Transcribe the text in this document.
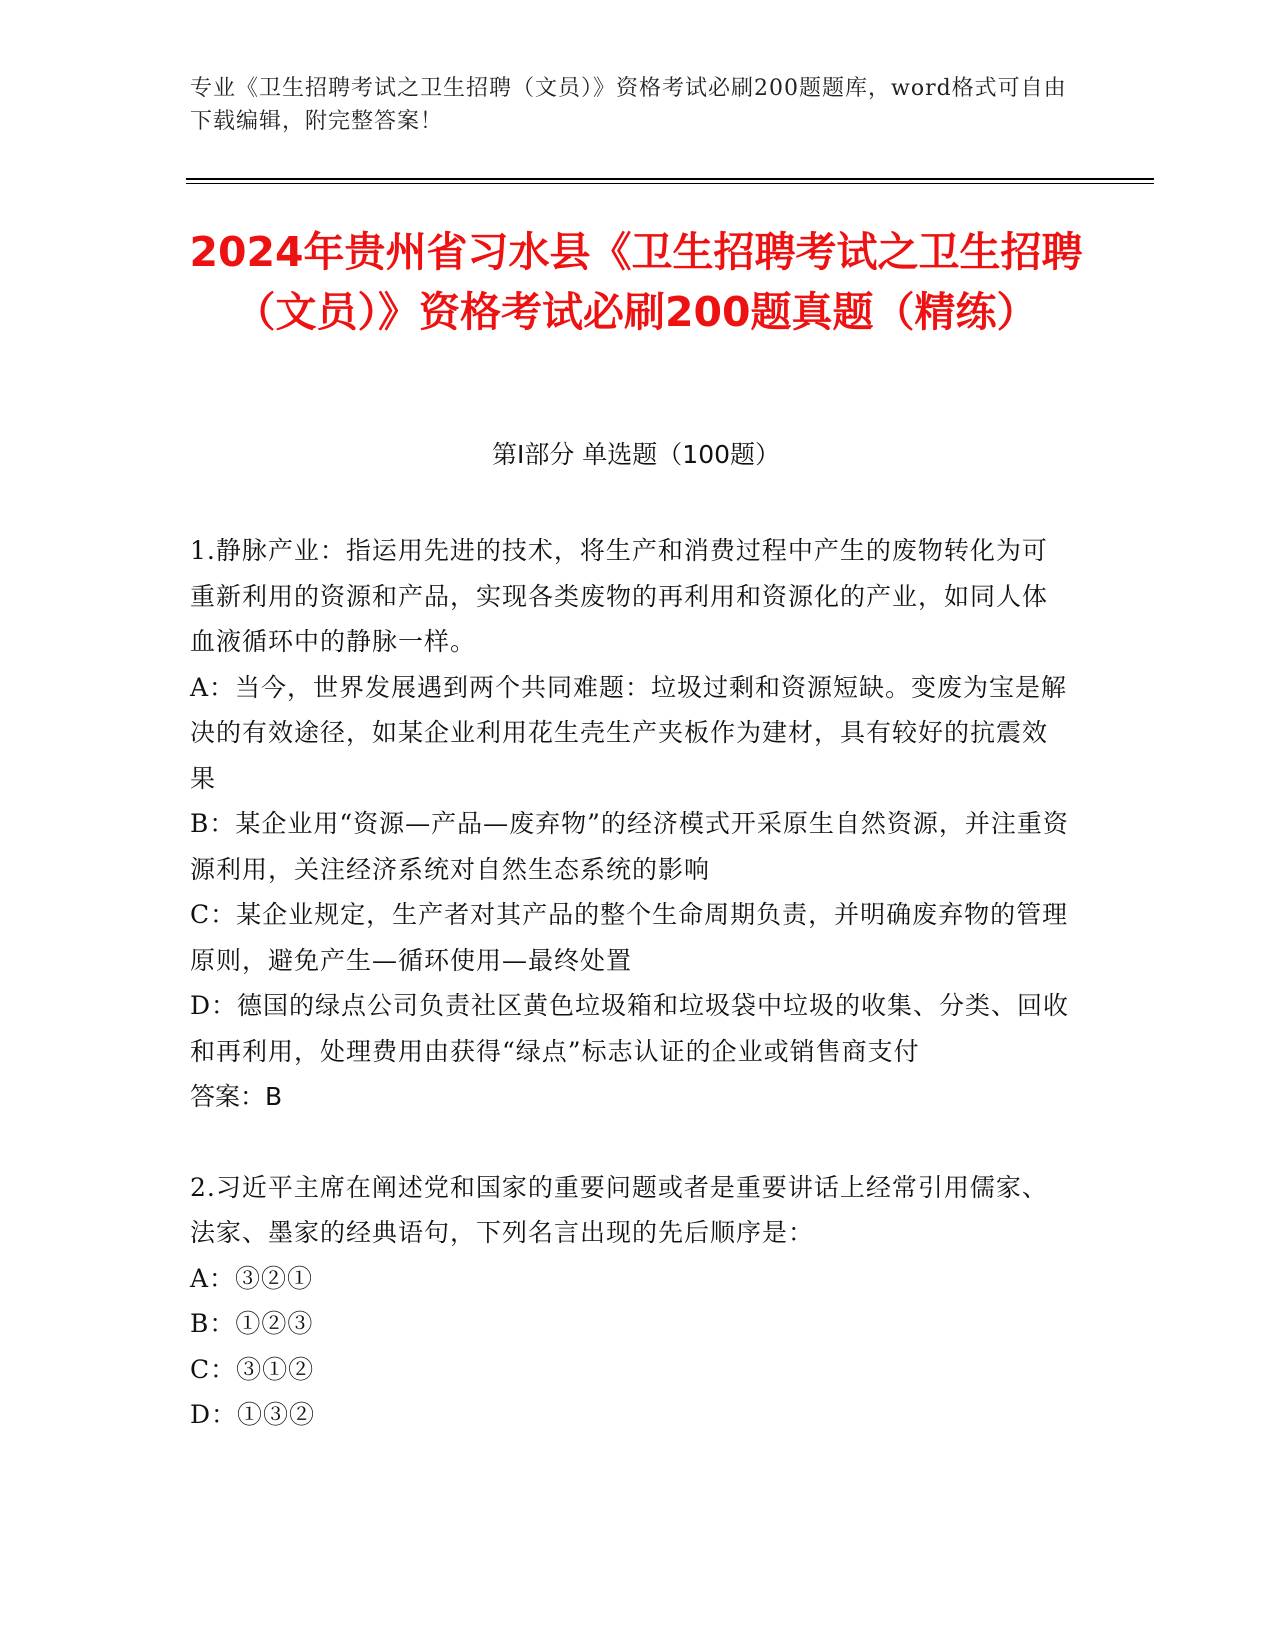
专业《卫生招聘考试之卫生招聘（文员）》资格考试必刷200题题库，word格式可自由下载编辑，附完整答案！
2024年贵州省习水县《卫生招聘考试之卫生招聘（文员）》资格考试必刷200题真题（精练）
第I部分 单选题（100题）

1.静脉产业：指运用先进的技术，将生产和消费过程中产生的废物转化为可重新利用的资源和产品，实现各类废物的再利用和资源化的产业，如同人体血液循环中的静脉一样。

A：当今，世界发展遇到两个共同难题：垃圾过剩和资源短缺。变废为宝是解决的有效途径，如某企业利用花生壳生产夹板作为建材，具有较好的抗震效果

B：某企业用“资源—产品—废弃物”的经济模式开采原生自然资源，并注重资源利用，关注经济系统对自然生态系统的影响

C：某企业规定，生产者对其产品的整个生命周期负责，并明确废弃物的管理原则，避免产生—循环使用—最终处置

D：德国的绿点公司负责社区黄色垃圾箱和垃圾袋中垃圾的收集、分类、回收和再利用，处理费用由获得“绿点”标志认证的企业或销售商支付

答案：B

2.习近平主席在阐述党和国家的重要问题或者是重要讲话上经常引用儒家、法家、墨家的经典语句，下列名言出现的先后顺序是：

A：③②①

B：①②③

C：③①②

D：①③②
